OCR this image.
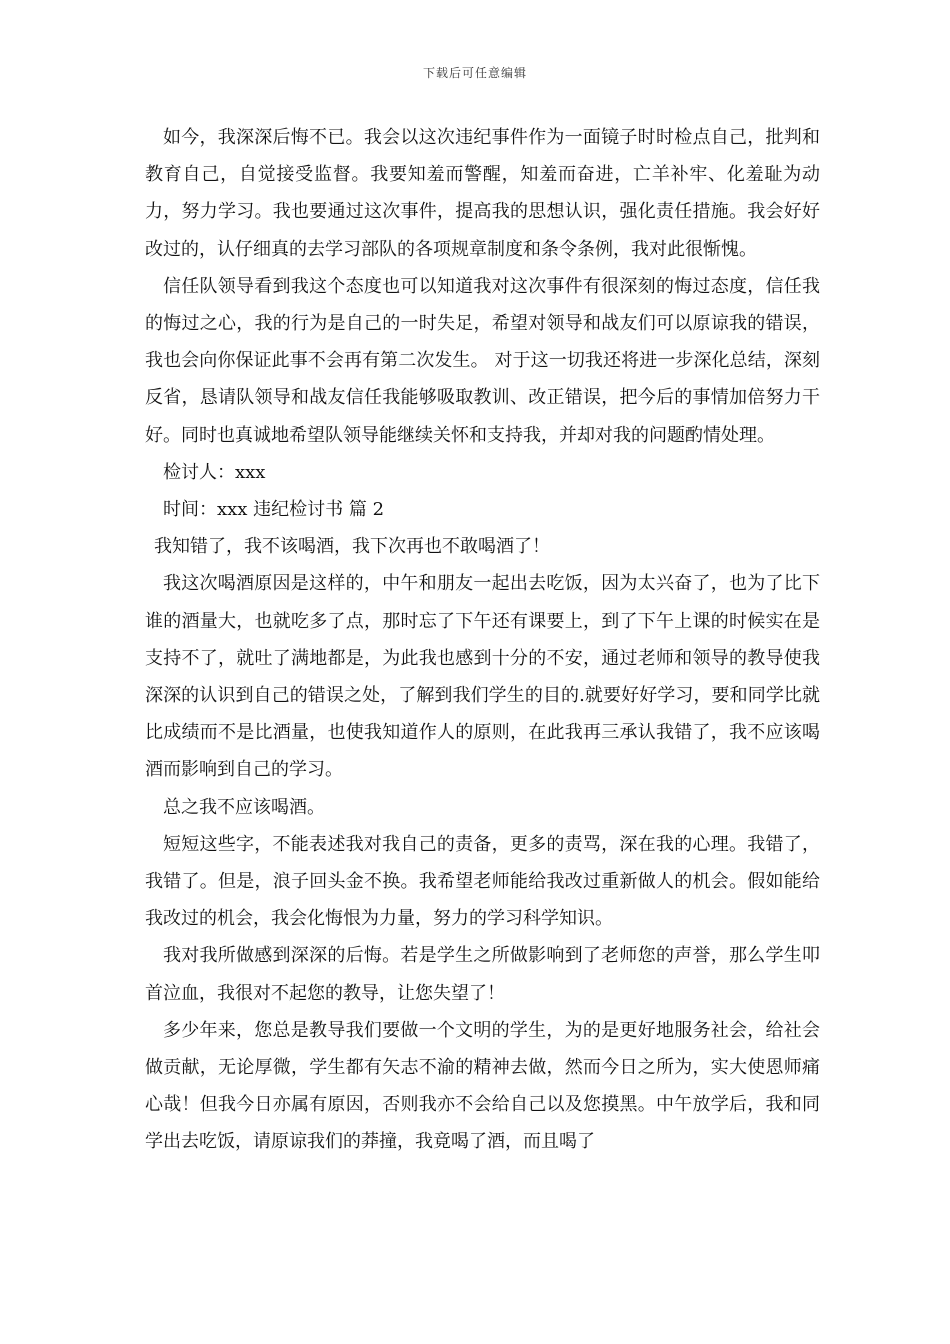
下载后可任意编辑

如今，我深深后悔不已。我会以这次违纪事件作为一面镜子时时检点自己，批判和教育自己，自觉接受监督。我要知羞而警醒，知羞而奋进，亡羊补牢、化羞耻为动力，努力学习。我也要通过这次事件，提高我的思想认识，强化责任措施。我会好好改过的，认仔细真的去学习部队的各项规章制度和条令条例，我对此很惭愧。

信任队领导看到我这个态度也可以知道我对这次事件有很深刻的悔过态度，信任我的悔过之心，我的行为是自己的一时失足，希望对领导和战友们可以原谅我的错误，我也会向你保证此事不会再有第二次发生。 对于这一切我还将进一步深化总结，深刻反省，恳请队领导和战友信任我能够吸取教训、改正错误，把今后的事情加倍努力干好。同时也真诚地希望队领导能继续关怀和支持我，并却对我的问题酌情处理。

检讨人：xxx

时间：xxx 违纪检讨书 篇 2

我知错了，我不该喝酒，我下次再也不敢喝酒了！

我这次喝酒原因是这样的，中午和朋友一起出去吃饭，因为太兴奋了，也为了比下谁的酒量大，也就吃多了点，那时忘了下午还有课要上，到了下午上课的时候实在是支持不了，就吐了满地都是，为此我也感到十分的不安，通过老师和领导的教导使我深深的认识到自己的错误之处，了解到我们学生的目的.就要好好学习，要和同学比就比成绩而不是比酒量，也使我知道作人的原则，在此我再三承认我错了，我不应该喝酒而影响到自己的学习。

总之我不应该喝酒。

短短这些字，不能表述我对我自己的责备，更多的责骂，深在我的心理。我错了，我错了。但是，浪子回头金不换。我希望老师能给我改过重新做人的机会。假如能给我改过的机会，我会化悔恨为力量，努力的学习科学知识。

我对我所做感到深深的后悔。若是学生之所做影响到了老师您的声誉，那么学生叩首泣血，我很对不起您的教导，让您失望了！

多少年来，您总是教导我们要做一个文明的学生，为的是更好地服务社会，给社会做贡献，无论厚微，学生都有矢志不渝的精神去做，然而今日之所为，实大使恩师痛心哉！但我今日亦属有原因，否则我亦不会给自己以及您摸黑。中午放学后，我和同学出去吃饭，请原谅我们的莽撞，我竟喝了酒，而且喝了
